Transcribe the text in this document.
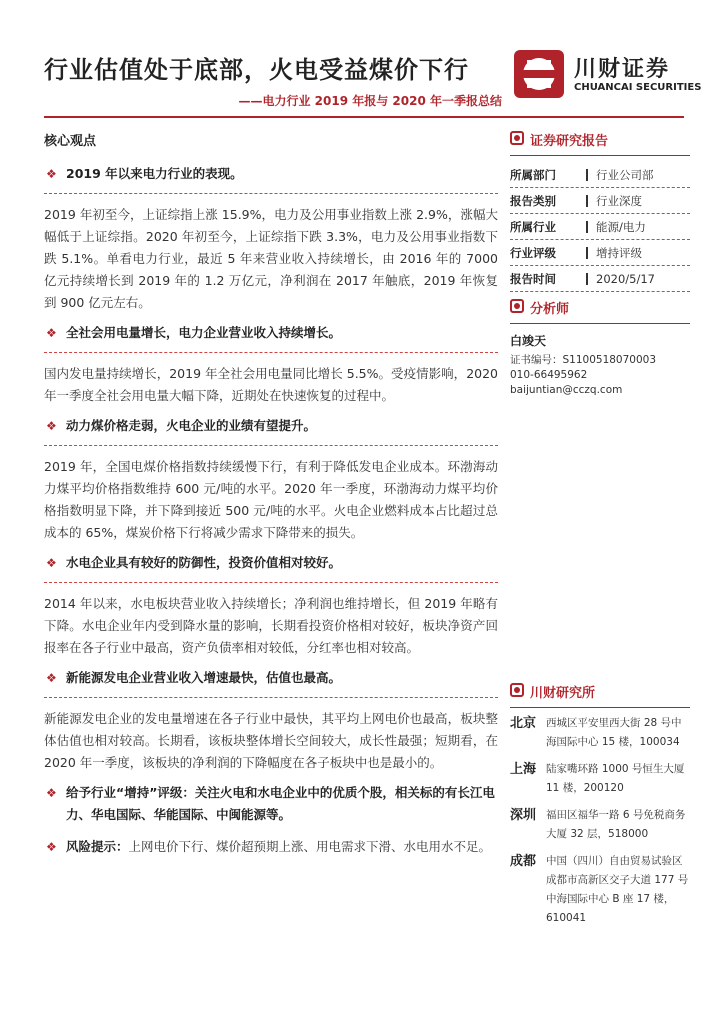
行业估值处于底部，火电受益煤价下行
——电力行业 2019 年报与 2020 年一季报总结
川财证券
CHUANCAI SECURITIES
核心观点
❖ 2019 年以来电力行业的表现。
2019 年初至今，上证综指上涨 15.9%，电力及公用事业指数上涨 2.9%，涨幅大幅低于上证综指。2020 年初至今，上证综指下跌 3.3%，电力及公用事业指数下跌 5.1%。单看电力行业，最近 5 年来营业收入持续增长，由 2016 年的 7000 亿元持续增长到 2019 年的 1.2 万亿元，净利润在 2017 年触底，2019 年恢复到 900 亿元左右。
❖ 全社会用电量增长，电力企业营业收入持续增长。
国内发电量持续增长，2019 年全社会用电量同比增长 5.5%。受疫情影响，2020 年一季度全社会用电量大幅下降，近期处在快速恢复的过程中。
❖ 动力煤价格走弱，火电企业的业绩有望提升。
2019 年，全国电煤价格指数持续缓慢下行，有利于降低发电企业成本。环渤海动力煤平均价格指数维持 600 元/吨的水平。2020 年一季度，环渤海动力煤平均价格指数明显下降，并下降到接近 500 元/吨的水平。火电企业燃料成本占比超过总成本的 65%，煤炭价格下行将减少需求下降带来的损失。
❖ 水电企业具有较好的防御性，投资价值相对较好。
2014 年以来，水电板块营业收入持续增长；净利润也维持增长，但 2019 年略有下降。水电企业年内受到降水量的影响，长期看投资价格相对较好，板块净资产回报率在各子行业中最高，资产负债率相对较低，分红率也相对较高。
❖ 新能源发电企业营业收入增速最快，估值也最高。
新能源发电企业的发电量增速在各子行业中最快，其平均上网电价也最高，板块整体估值也相对较高。长期看，该板块整体增长空间较大，成长性最强；短期看，在 2020 年一季度，该板块的净利润的下降幅度在各子板块中也是最小的。
❖ 给予行业“增持”评级：关注火电和水电企业中的优质个股，相关标的有长江电力、华电国际、华能国际、中闽能源等。
❖ 风险提示：上网电价下行、煤价超预期上涨、用电需求下滑、水电用水不足。
证券研究报告
所属部门	行业公司部
报告类别	行业深度
所属行业	能源/电力
行业评级	增持评级
报告时间	2020/5/17
分析师
白竣天
证书编号：S1100518070003
010-66495962
baijuntian@cczq.com
川财研究所
北京 西城区平安里西大街 28 号中海国际中心 15 楼，100034
上海 陆家嘴环路 1000 号恒生大厦 11 楼，200120
深圳 福田区福华一路 6 号免税商务大厦 32 层，518000
成都 中国（四川）自由贸易试验区成都市高新区交子大道 177 号中海国际中心 B 座 17 楼，610041
